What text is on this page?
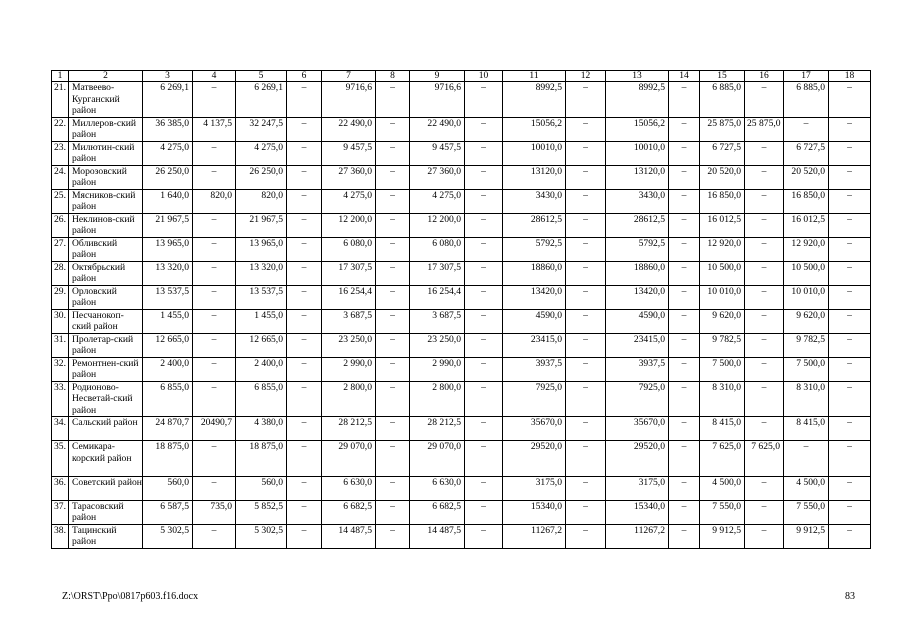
1	2	3	4	5	6	7	8	9	10	11	12	13	14	15	16	17	18
21.	Матвеево-Курганский район	6 269,1	–	6 269,1	–	9716,6	–	9716,6	–	8992,5	–	8992,5	–	6 885,0	–	6 885,0	–
22.	Миллеров-ский район	36 385,0	4 137,5	32 247,5	–	22 490,0	–	22 490,0	–	15056,2	–	15056,2	–	25 875,0	25 875,0	–	–
23.	Милютин-ский район	4 275,0	–	4 275,0	–	9 457,5	–	9 457,5	–	10010,0	–	10010,0	–	6 727,5	–	6 727,5	–
24.	Морозовский район	26 250,0	–	26 250,0	–	27 360,0	–	27 360,0	–	13120,0	–	13120,0	–	20 520,0	–	20 520,0	–
25.	Мясников-ский район	1 640,0	820,0	820,0	–	4 275,0	–	4 275,0	–	3430,0	–	3430,0	–	16 850,0	–	16 850,0	–
26.	Неклинов-ский район	21 967,5	–	21 967,5	–	12 200,0	–	12 200,0	–	28612,5	–	28612,5	–	16 012,5	–	16 012,5	–
27.	Обливский район	13 965,0	–	13 965,0	–	6 080,0	–	6 080,0	–	5792,5	–	5792,5	–	12 920,0	–	12 920,0	–
28.	Октябрьский район	13 320,0	–	13 320,0	–	17 307,5	–	17 307,5	–	18860,0	–	18860,0	–	10 500,0	–	10 500,0	–
29.	Орловский район	13 537,5	–	13 537,5	–	16 254,4	–	16 254,4	–	13420,0	–	13420,0	–	10 010,0	–	10 010,0	–
30.	Песчанокоп-ский район	1 455,0	–	1 455,0	–	3 687,5	–	3 687,5	–	4590,0	–	4590,0	–	9 620,0	–	9 620,0	–
31.	Пролетар-ский район	12 665,0	–	12 665,0	–	23 250,0	–	23 250,0	–	23415,0	–	23415,0	–	9 782,5	–	9 782,5	–
32.	Ремонтнен-ский район	2 400,0	–	2 400,0	–	2 990,0	–	2 990,0	–	3937,5	–	3937,5	–	7 500,0	–	7 500,0	–
33.	Родионово-Несветай-ский район	6 855,0	–	6 855,0	–	2 800,0	–	2 800,0	–	7925,0	–	7925,0	–	8 310,0	–	8 310,0	–
34.	Сальский район	24 870,7	20490,7	4 380,0	–	28 212,5	–	28 212,5	–	35670,0	–	35670,0	–	8 415,0	–	8 415,0	–
35.	Семикара-корский район	18 875,0	–	18 875,0	–	29 070,0	–	29 070,0	–	29520,0	–	29520,0	–	7 625,0	7 625,0	–	–
36.	Советский район	560,0	–	560,0	–	6 630,0	–	6 630,0	–	3175,0	–	3175,0	–	4 500,0	–	4 500,0	–
37.	Тарасовский район	6 587,5	735,0	5 852,5	–	6 682,5	–	6 682,5	–	15340,0	–	15340,0	–	7 550,0	–	7 550,0	–
38.	Тацинский район	5 302,5	–	5 302,5	–	14 487,5	–	14 487,5	–	11267,2	–	11267,2	–	9 912,5	–	9 912,5	–
Z:\ORST\Ppo\0817p603.f16.docx	83
